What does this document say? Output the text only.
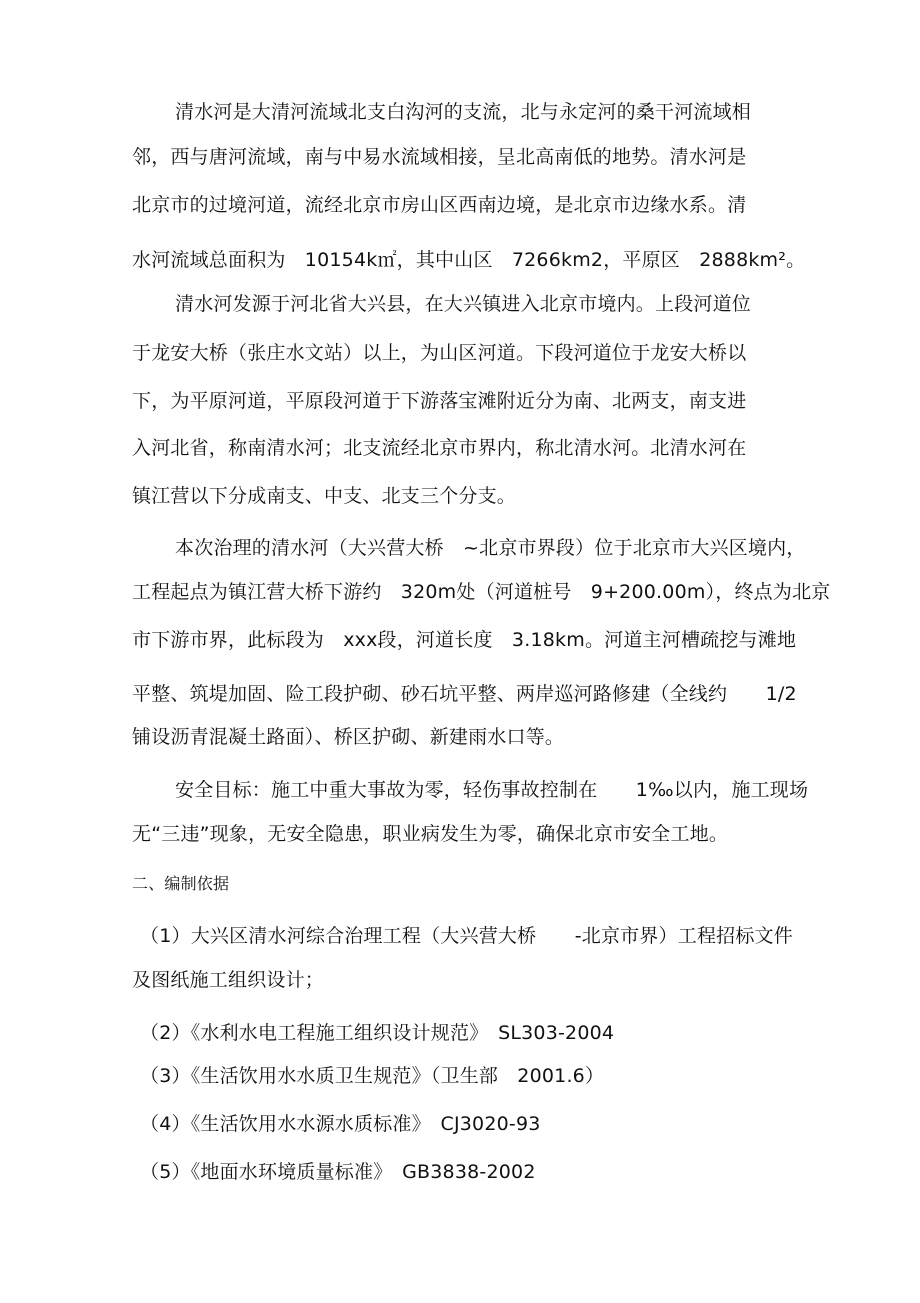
清水河是大清河流域北支白沟河的支流，北与永定河的桑干河流域相
邻，西与唐河流域，南与中易水流域相接，呈北高南低的地势。清水河是
北京市的过境河道，流经北京市房山区西南边境，是北京市边缘水系。清
水河流域总面积为　10154k㎡，其中山区　7266km2，平原区　2888km²。
清水河发源于河北省大兴县，在大兴镇进入北京市境内。上段河道位
于龙安大桥（张庄水文站）以上，为山区河道。下段河道位于龙安大桥以
下，为平原河道，平原段河道于下游落宝滩附近分为南、北两支，南支进
入河北省，称南清水河；北支流经北京市界内，称北清水河。北清水河在
镇江营以下分成南支、中支、北支三个分支。
本次治理的清水河（大兴营大桥　~北京市界段）位于北京市大兴区境内，
工程起点为镇江营大桥下游约　320m处（河道桩号　9+200.00m），终点为北京
市下游市界，此标段为　xxx段，河道长度　3.18km。河道主河槽疏挖与滩地
平整、筑堤加固、险工段护砌、砂石坑平整、两岸巡河路修建（全线约　　1/2
铺设沥青混凝土路面）、桥区护砌、新建雨水口等。
安全目标：施工中重大事故为零，轻伤事故控制在　　1‰以内，施工现场
无“三违”现象，无安全隐患，职业病发生为零，确保北京市安全工地。
二、编制依据
（1）大兴区清水河综合治理工程（大兴营大桥　　-北京市界）工程招标文件
及图纸施工组织设计；
（2）《水利水电工程施工组织设计规范》　SL303-2004
（3）《生活饮用水水质卫生规范》（卫生部　2001.6）
（4）《生活饮用水水源水质标准》　CJ3020-93
（5）《地面水环境质量标准》　GB3838-2002
